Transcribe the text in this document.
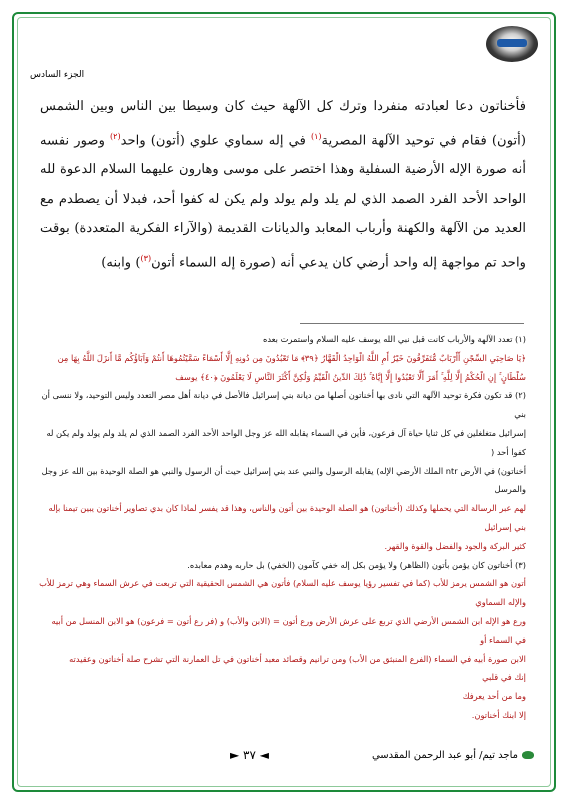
الجزء السادس
فأخناتون دعا لعبادته منفردا وترك كل الآلهة حيث كان وسيطا بين الناس وبين الشمس (أتون) فقام في توحيد الآلهة المصرية$^{(١)}$ في إله سماوي علوي (أتون) واحد$^{(٢)}$ وصور نفسه أنه صورة الإله الأرضية السفلية وهذا اختصر على موسى وهارون عليهما السلام الدعوة لله الواحد الأحد الفرد الصمد الذي لم يلد ولم يولد ولم يكن له كفوا أحد، فبدلا أن يصطدم مع العديد من الآلهة والكهنة وأرباب المعابد والديانات القديمة (والآراء الفكرية المتعددة) بوقت واحد تم مواجهة إله واحد أرضي كان يدعي أنه (صورة إله السماء أتون$^{(٣)}$) وابنه)

(١) تعدد الآلهة والأرباب كانت قبل نبي الله يوسف عليه السلام واستمرت بعده

﴿يَا صَاحِبَيِ السِّجْنِ أَأَرْبَابٌ مُّتَفَرِّقُونَ خَيْرٌ أَمِ اللَّهُ الْوَاحِدُ الْقَهَّارُ ﴿٣٩﴾ مَا تَعْبُدُونَ مِن دُونِهِ إِلَّا أَسْمَاءً سَمَّيْتُمُوهَا أَنتُمْ وَآبَاؤُكُم مَّا أَنزَلَ اللَّهُ بِهَا مِن سُلْطَانٍ ۚ إِنِ الْحُكْمُ إِلَّا لِلَّهِ ۚ أَمَرَ أَلَّا تَعْبُدُوا إِلَّا إِيَّاهُ ۚ ذَٰلِكَ الدِّينُ الْقَيِّمُ وَلَٰكِنَّ أَكْثَرَ النَّاسِ لَا يَعْلَمُونَ ﴿٤٠﴾ يوسف

(٢) قد تكون فكرة توحيد الآلهة التي نادى بها أخناتون أصلها من ديانة بني إسرائيل فالأصل في ديانة أهل مصر التعدد وليس التوحيد، ولا ننسى أن بني

إسرائيل متغلغلين في كل ثنايا حياة آل فرعون، فأين في السماء يقابله الله عز وجل الواحد الأحد الفرد الصمد الذي لم يلد ولم يولد ولم يكن له كفوا أحد (

أخناتون) في الأرض ntr الملك الأرضي الإله) يقابله الرسول والنبي عند بني إسرائيل حيث أن الرسول والنبي هو الصلة الوحيدة بين الله عز وجل والمرسل

لهم عبر الرسالة التي يحملها وكذلك (أخناتون) هو الصلة الوحيدة بين أتون والناس، وهذا قد يفسر لماذا كان بدي تصاوير أخناتون يبين تيمنا بإله بني إسرائيل

كثير البركة والجود والفضل والقوة والقهر.

(٣) أخناتون كان يؤمن بأتون (الظاهر) ولا يؤمن بكل إله خفي كآمون (الخفي) بل حاربه وهدم معابده.

أتون هو الشمس يرمز للأب (كما في تفسير رؤيا يوسف عليه السلام) فأتون هي الشمس الحقيقية التي تربعت في عرش السماء وهي ترمز للأب والإله السماوي

ورع هو الإله ابن الشمس الأرضي الذي تربع على عرش الأرض ورع أتون = (الابن والأب) و (فر رع أتون = فرعون) هو الابن المنسل من أبيه في السماء أو

الابن صورة أبيه في السماء (الفرع المنبثق من الأب) ومن ترانيم وقصائد معبد أخناتون في تل العمارنة التي تشرح صلة أخناتون وعقيدته

إنك في قلبي

وما من أحد يعرفك

إلا ابنك أخناتون.

◄ ٣٧ ►	ماجد تيم/ أبو عبد الرحمن المقدسي
